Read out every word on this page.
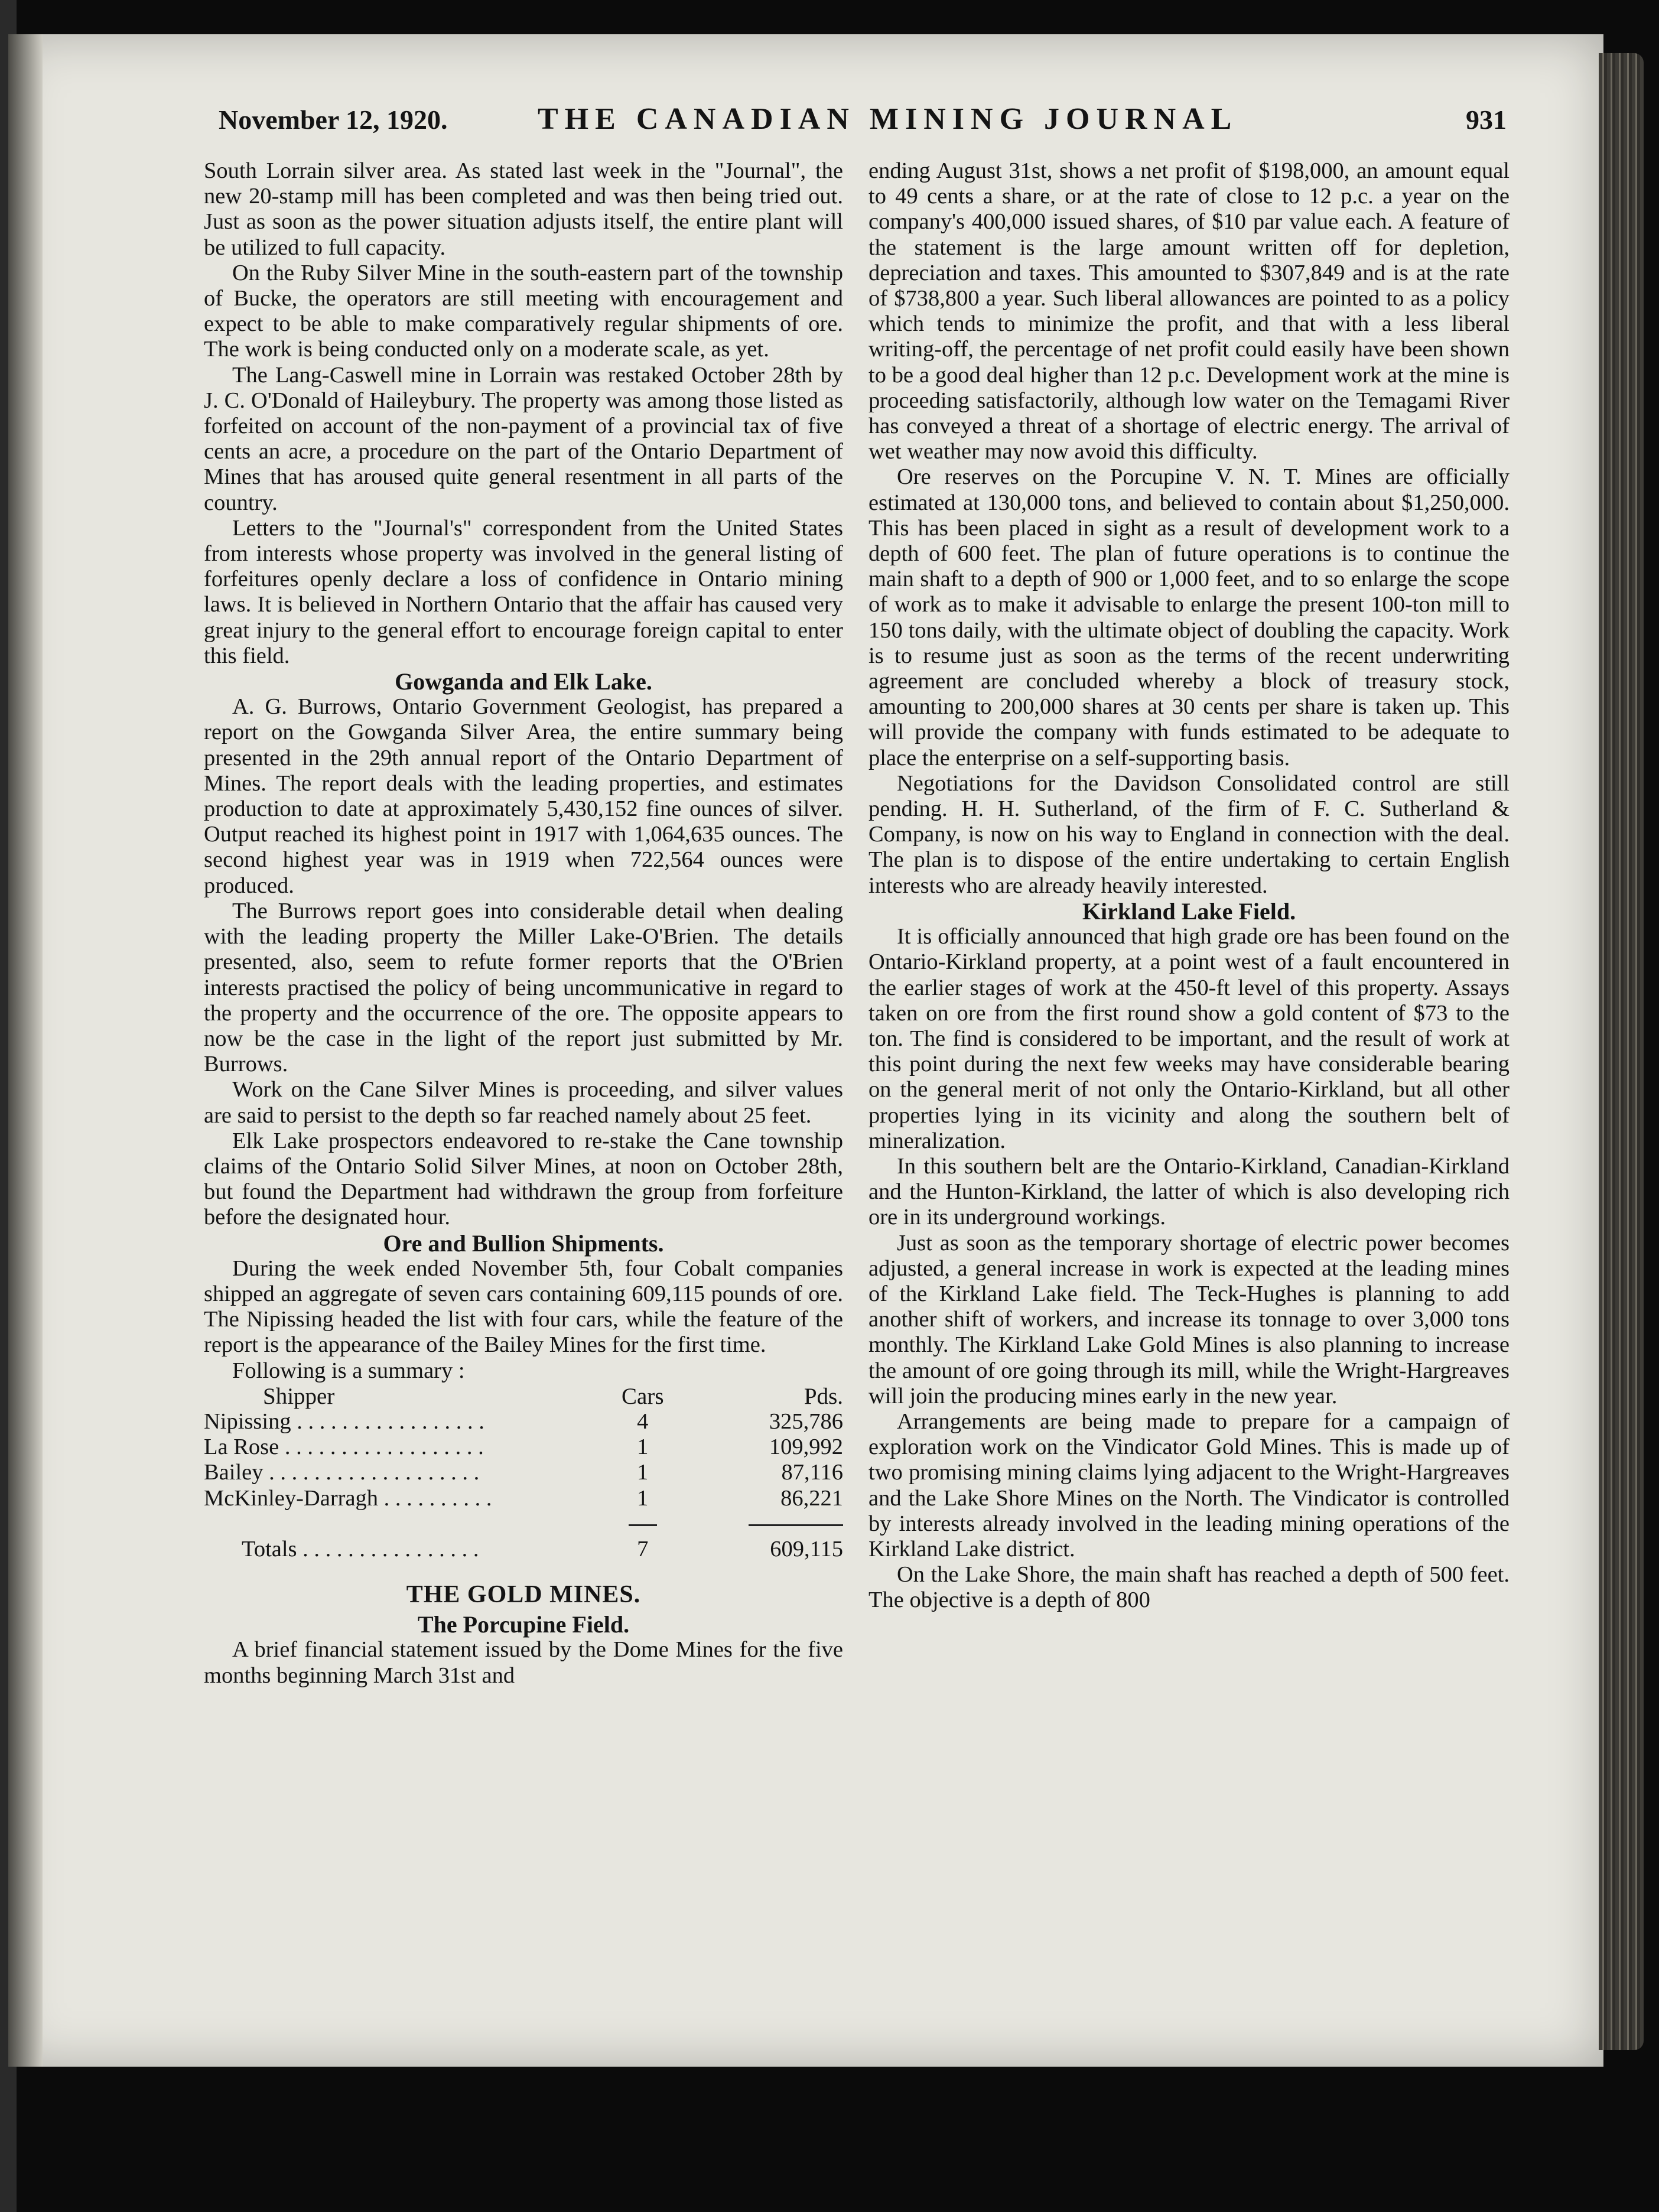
November 12, 1920.	THE CANADIAN MINING JOURNAL	931

South Lorrain silver area. As stated last week in the "Journal", the new 20-stamp mill has been completed and was then being tried out. Just as soon as the power situation adjusts itself, the entire plant will be utilized to full capacity.

On the Ruby Silver Mine in the south-eastern part of the township of Bucke, the operators are still meeting with encouragement and expect to be able to make comparatively regular shipments of ore. The work is being conducted only on a moderate scale, as yet.

The Lang-Caswell mine in Lorrain was restaked October 28th by J. C. O'Donald of Haileybury. The property was among those listed as forfeited on account of the non-payment of a provincial tax of five cents an acre, a procedure on the part of the Ontario Department of Mines that has aroused quite general resentment in all parts of the country.

Letters to the "Journal's" correspondent from the United States from interests whose property was involved in the general listing of forfeitures openly declare a loss of confidence in Ontario mining laws. It is believed in Northern Ontario that the affair has caused very great injury to the general effort to encourage foreign capital to enter this field.

Gowganda and Elk Lake.

A. G. Burrows, Ontario Government Geologist, has prepared a report on the Gowganda Silver Area, the entire summary being presented in the 29th annual report of the Ontario Department of Mines. The report deals with the leading properties, and estimates production to date at approximately 5,430,152 fine ounces of silver. Output reached its highest point in 1917 with 1,064,635 ounces. The second highest year was in 1919 when 722,564 ounces were produced.

The Burrows report goes into considerable detail when dealing with the leading property the Miller Lake-O'Brien. The details presented, also, seem to refute former reports that the O'Brien interests practised the policy of being uncommunicative in regard to the property and the occurrence of the ore. The opposite appears to now be the case in the light of the report just submitted by Mr. Burrows.

Work on the Cane Silver Mines is proceeding, and silver values are said to persist to the depth so far reached namely about 25 feet.

Elk Lake prospectors endeavored to re-stake the Cane township claims of the Ontario Solid Silver Mines, at noon on October 28th, but found the Department had withdrawn the group from forfeiture before the designated hour.

Ore and Bullion Shipments.

During the week ended November 5th, four Cobalt companies shipped an aggregate of seven cars containing 609,115 pounds of ore. The Nipissing headed the list with four cars, while the feature of the report is the appearance of the Bailey Mines for the first time.

Following is a summary :

Shipper	Cars	Pds.
Nipissing . . . . . . . . . . . . . . . . .	4	325,786
La Rose . . . . . . . . . . . . . . . . . .	1	109,992
Bailey . . . . . . . . . . . . . . . . . . .	1	87,116
McKinley-Darragh . . . . . . . . . .	1	86,221

Totals . . . . . . . . . . . . . . . .	7	609,115
THE GOLD MINES.
The Porcupine Field.

A brief financial statement issued by the Dome Mines for the five months beginning March 31st and

ending August 31st, shows a net profit of $198,000, an amount equal to 49 cents a share, or at the rate of close to 12 p.c. a year on the company's 400,000 issued shares, of $10 par value each. A feature of the statement is the large amount written off for depletion, depreciation and taxes. This amounted to $307,849 and is at the rate of $738,800 a year. Such liberal allowances are pointed to as a policy which tends to minimize the profit, and that with a less liberal writing-off, the percentage of net profit could easily have been shown to be a good deal higher than 12 p.c. Development work at the mine is proceeding satisfactorily, although low water on the Temagami River has conveyed a threat of a shortage of electric energy. The arrival of wet weather may now avoid this difficulty.

Ore reserves on the Porcupine V. N. T. Mines are officially estimated at 130,000 tons, and believed to contain about $1,250,000. This has been placed in sight as a result of development work to a depth of 600 feet. The plan of future operations is to continue the main shaft to a depth of 900 or 1,000 feet, and to so enlarge the scope of work as to make it advisable to enlarge the present 100-ton mill to 150 tons daily, with the ultimate object of doubling the capacity. Work is to resume just as soon as the terms of the recent underwriting agreement are concluded whereby a block of treasury stock, amounting to 200,000 shares at 30 cents per share is taken up. This will provide the company with funds estimated to be adequate to place the enterprise on a self-supporting basis.

Negotiations for the Davidson Consolidated control are still pending. H. H. Sutherland, of the firm of F. C. Sutherland & Company, is now on his way to England in connection with the deal. The plan is to dispose of the entire undertaking to certain English interests who are already heavily interested.

Kirkland Lake Field.

It is officially announced that high grade ore has been found on the Ontario-Kirkland property, at a point west of a fault encountered in the earlier stages of work at the 450-ft level of this property. Assays taken on ore from the first round show a gold content of $73 to the ton. The find is considered to be important, and the result of work at this point during the next few weeks may have considerable bearing on the general merit of not only the Ontario-Kirkland, but all other properties lying in its vicinity and along the southern belt of mineralization.

In this southern belt are the Ontario-Kirkland, Canadian-Kirkland and the Hunton-Kirkland, the latter of which is also developing rich ore in its underground workings.

Just as soon as the temporary shortage of electric power becomes adjusted, a general increase in work is expected at the leading mines of the Kirkland Lake field. The Teck-Hughes is planning to add another shift of workers, and increase its tonnage to over 3,000 tons monthly. The Kirkland Lake Gold Mines is also planning to increase the amount of ore going through its mill, while the Wright-Hargreaves will join the producing mines early in the new year.

Arrangements are being made to prepare for a campaign of exploration work on the Vindicator Gold Mines. This is made up of two promising mining claims lying adjacent to the Wright-Hargreaves and the Lake Shore Mines on the North. The Vindicator is controlled by interests already involved in the leading mining operations of the Kirkland Lake district.

On the Lake Shore, the main shaft has reached a depth of 500 feet. The objective is a depth of 800
